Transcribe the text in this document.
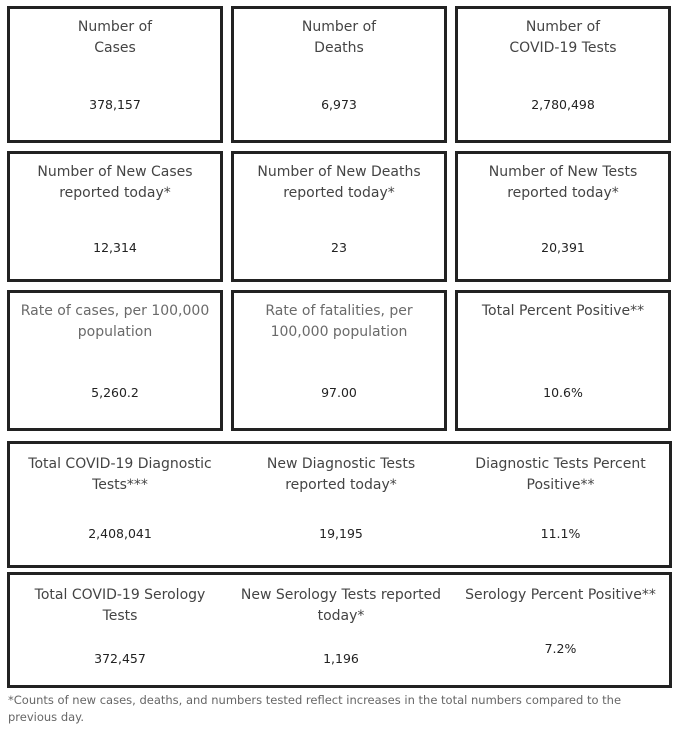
Number of
Cases
378,157
Number of
Deaths
6,973
Number of
COVID-19 Tests
2,780,498
Number of New Cases
reported today*
12,314
Number of New Deaths
reported today*
23
Number of New Tests
reported today*
20,391
Rate of cases, per 100,000
population
5,260.2
Rate of fatalities, per
100,000 population
97.00
Total Percent Positive**
10.6%
Total COVID-19 Diagnostic
Tests***
2,408,041
New Diagnostic Tests
reported today*
19,195
Diagnostic Tests Percent
Positive**
11.1%
Total COVID-19 Serology
Tests
372,457
New Serology Tests reported
today*
1,196
Serology Percent Positive**
7.2%
*Counts of new cases, deaths, and numbers tested reflect increases in the total numbers compared to the previous day.
